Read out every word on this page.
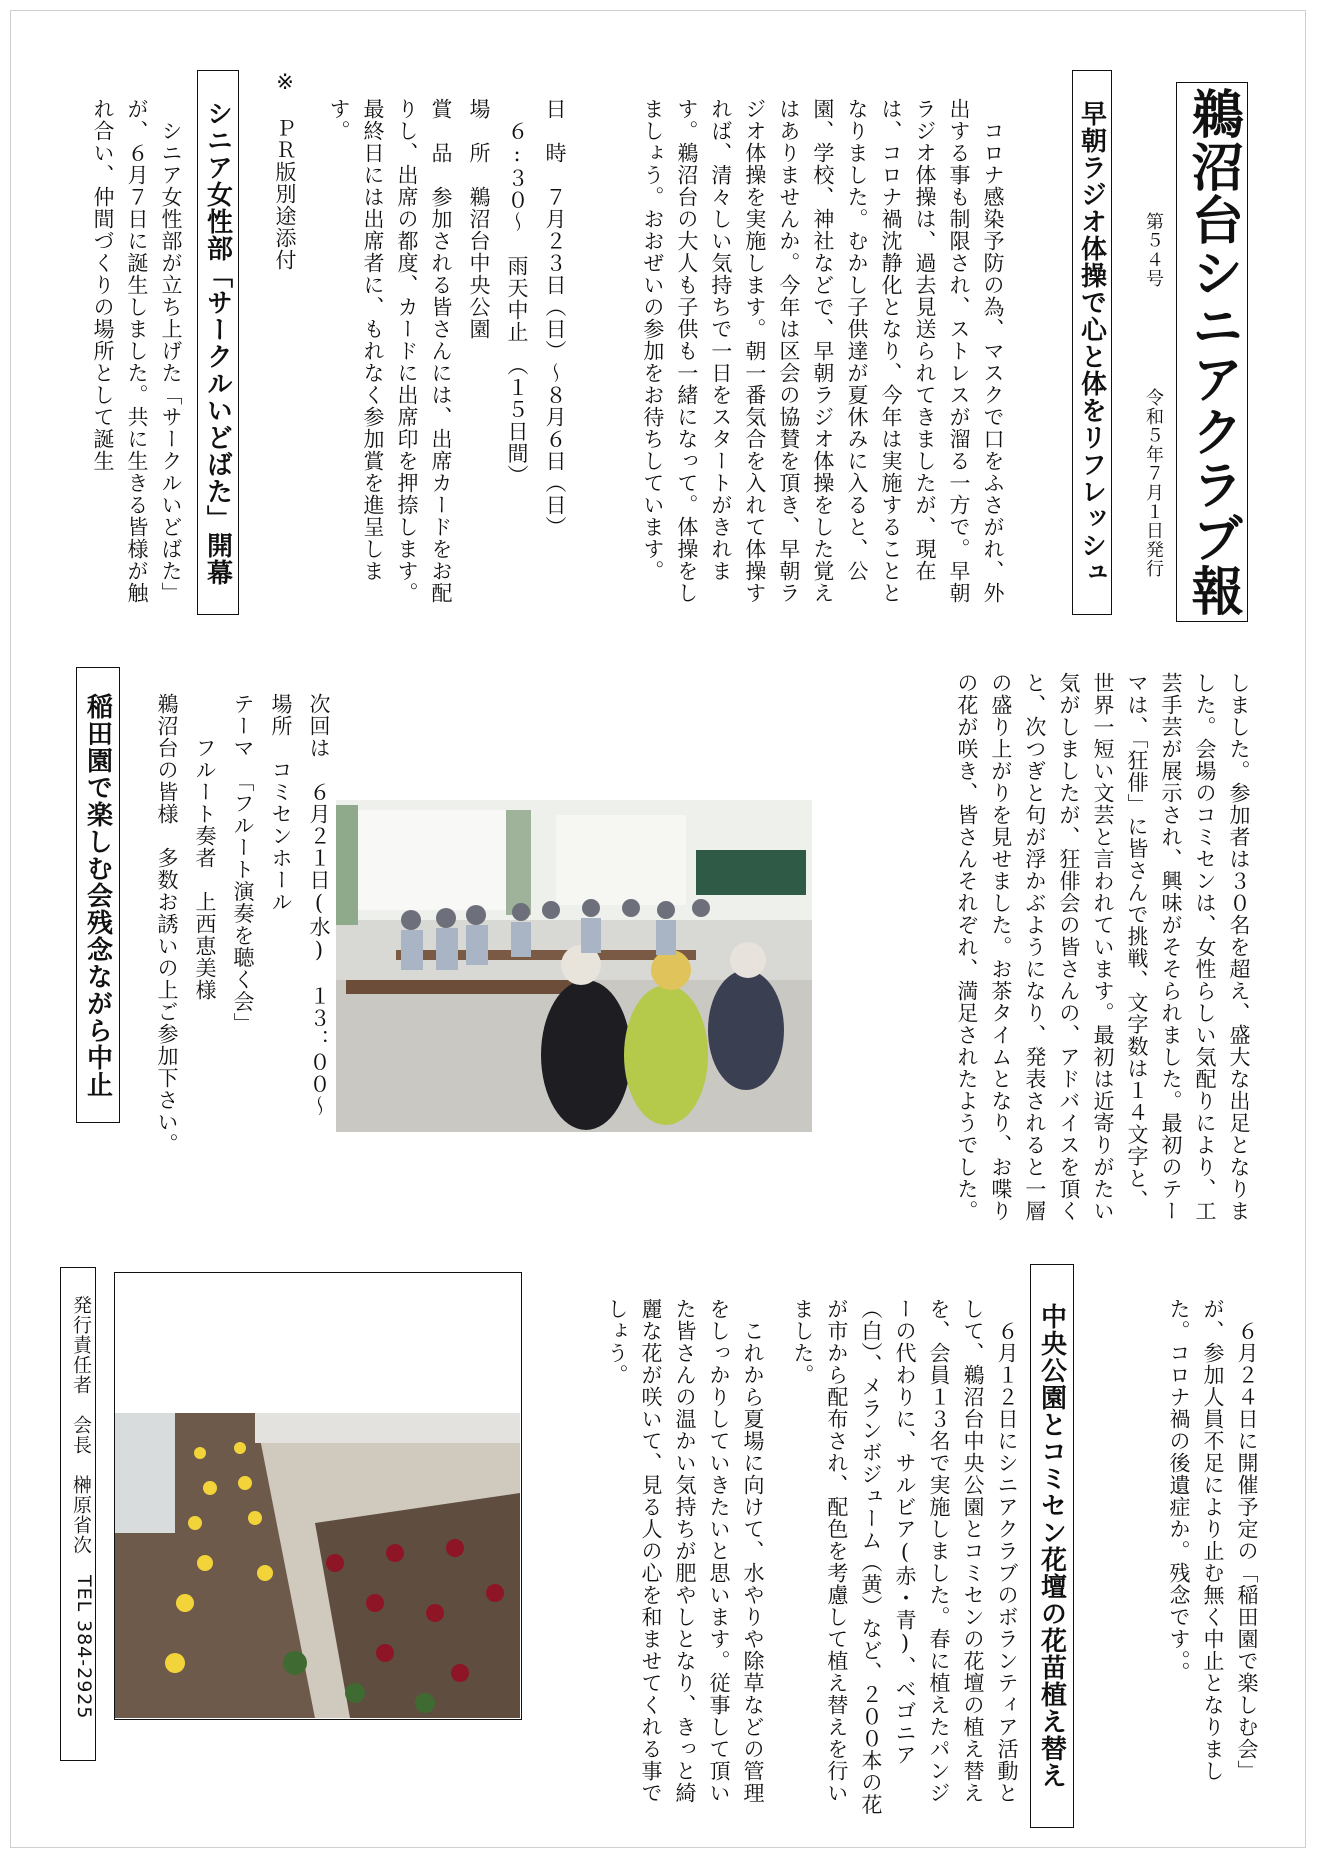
鵜沼台シニアクラブ報
第５４号
令和５年７月１日発行
早朝ラジオ体操で心と体をリフレッシュ
　コロナ感染予防の為、マスクで口をふさがれ、外出する事も制限され、ストレスが溜る一方で。早朝ラジオ体操は、過去見送られてきましたが、現在は、コロナ禍沈静化となり、今年は実施することとなりました。むかし子供達が夏休みに入ると、公園、学校、神社などで、早朝ラジオ体操をした覚えはありませんか。今年は区会の協賛を頂き、早朝ラジオ体操を実施します。朝一番気合を入れて体操すれば、清々しい気持ちで一日をスタートがきれます。鵜沼台の大人も子供も一緒になって。体操をしましょう。おおぜいの参加をお待ちしています。
日　時　７月２３日（日）～８月６日（日）
　６:３０～　雨天中止　（１５日間）
場　所　鵜沼台中央公園
賞　品　参加される皆さんには、出席カードをお配りし、出席の都度、カードに出席印を押捺します。最終日には出席者に、もれなく参加賞を進呈します。
※　ＰＲ版別途添付
シニア女性部「サークルいどばた」開幕
　シニア女性部が立ち上げた「サークルいどばた」が、６月７日に誕生しました。共に生きる皆様が触れ合い、仲間づくりの場所として誕生
しました。参加者は３０名を超え、盛大な出足となりました。会場のコミセンは、女性らしい気配りにより、工芸手芸が展示され、興味がそそられました。最初のテーマは、「狂俳」に皆さんで挑戦、文字数は１４文字と、世界一短い文芸と言われています。最初は近寄りがたい気がしましたが、狂俳会の皆さんの、アドバイスを頂くと、次つぎと句が浮かぶようになり、発表されると一層の盛り上がりを見せました。お茶タイムとなり、お喋りの花が咲き、皆さんそれぞれ、満足されたようでした。
次回は　６月２１日(水)　１３：００～
場所　コミセンホール
テーマ　「フルート演奏を聴く会」
　　フルート奏者　上西恵美様
鵜沼台の皆様　多数お誘いの上ご参加下さい。
稲田園で楽しむ会残念ながら中止
　６月２４日に開催予定の「稲田園で楽しむ会」が、参加人員不足により止む無く中止となりました。コロナ禍の後遺症か。残念です。。
中央公園とコミセン花壇の花苗植え替え
　６月１２日にシニアクラブのボランティア活動として、鵜沼台中央公園とコミセンの花壇の植え替えを、会員１３名で実施しました。春に植えたパンジーの代わりに、サルビア(赤・青)、ベゴニア（白）、メランボジューム（黄）など、２００本の花が市から配布され、配色を考慮して植え替えを行いました。
　これから夏場に向けて、水やりや除草などの管理をしっかりしていきたいと思います。従事して頂いた皆さんの温かい気持ちが肥やしとなり、きっと綺麗な花が咲いて、見る人の心を和ませてくれる事でしょう。
発行責任者
会長　榊原省次
TEL
384-2925
